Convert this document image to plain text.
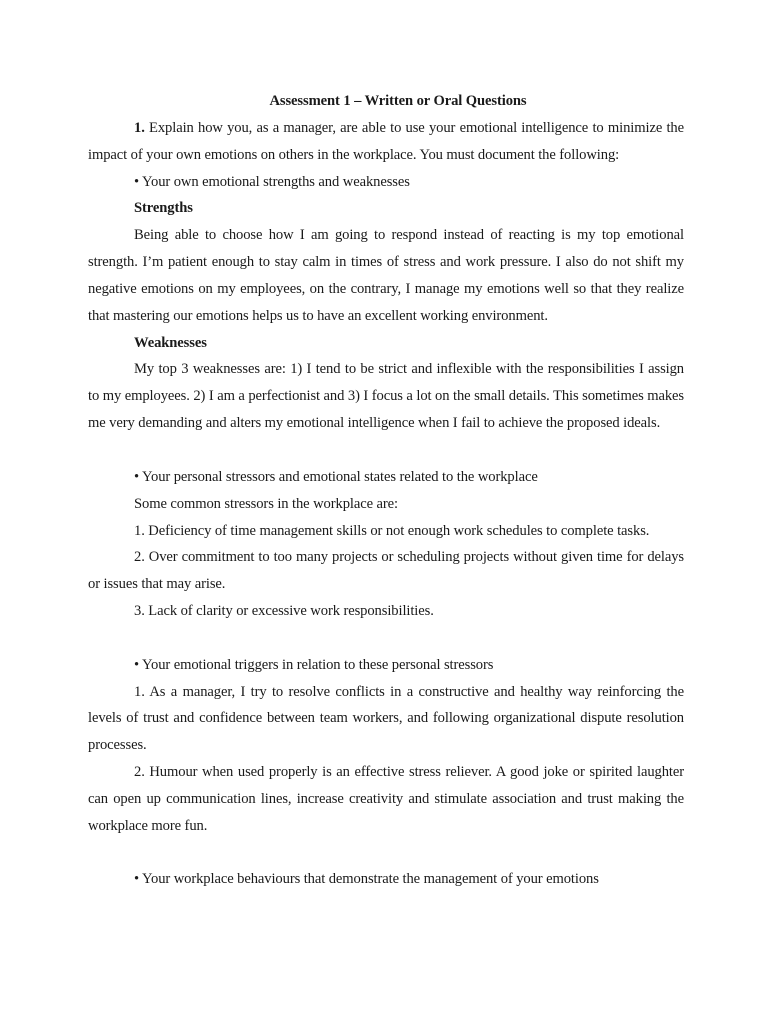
Assessment 1 – Written or Oral Questions

1. Explain how you, as a manager, are able to use your emotional intelligence to minimize the impact of your own emotions on others in the workplace. You must document the following:

• Your own emotional strengths and weaknesses
Strengths

Being able to choose how I am going to respond instead of reacting is my top emotional strength. I’m patient enough to stay calm in times of stress and work pressure. I also do not shift my negative emotions on my employees, on the contrary, I manage my emotions well so that they realize that mastering our emotions helps us to have an excellent working environment.

Weaknesses

My top 3 weaknesses are: 1) I tend to be strict and inflexible with the responsibilities I assign to my employees. 2) I am a perfectionist and 3) I focus a lot on the small details. This sometimes makes me very demanding and alters my emotional intelligence when I fail to achieve the proposed ideals.

• Your personal stressors and emotional states related to the workplace
Some common stressors in the workplace are:

1. Deficiency of time management skills or not enough work schedules to complete tasks.

2. Over commitment to too many projects or scheduling projects without given time for delays or issues that may arise.

3. Lack of clarity or excessive work responsibilities.

• Your emotional triggers in relation to these personal stressors

1. As a manager, I try to resolve conflicts in a constructive and healthy way reinforcing the levels of trust and confidence between team workers, and following organizational dispute resolution processes.

2. Humour when used properly is an effective stress reliever. A good joke or spirited laughter can open up communication lines, increase creativity and stimulate association and trust making the workplace more fun.

• Your workplace behaviours that demonstrate the management of your emotions
